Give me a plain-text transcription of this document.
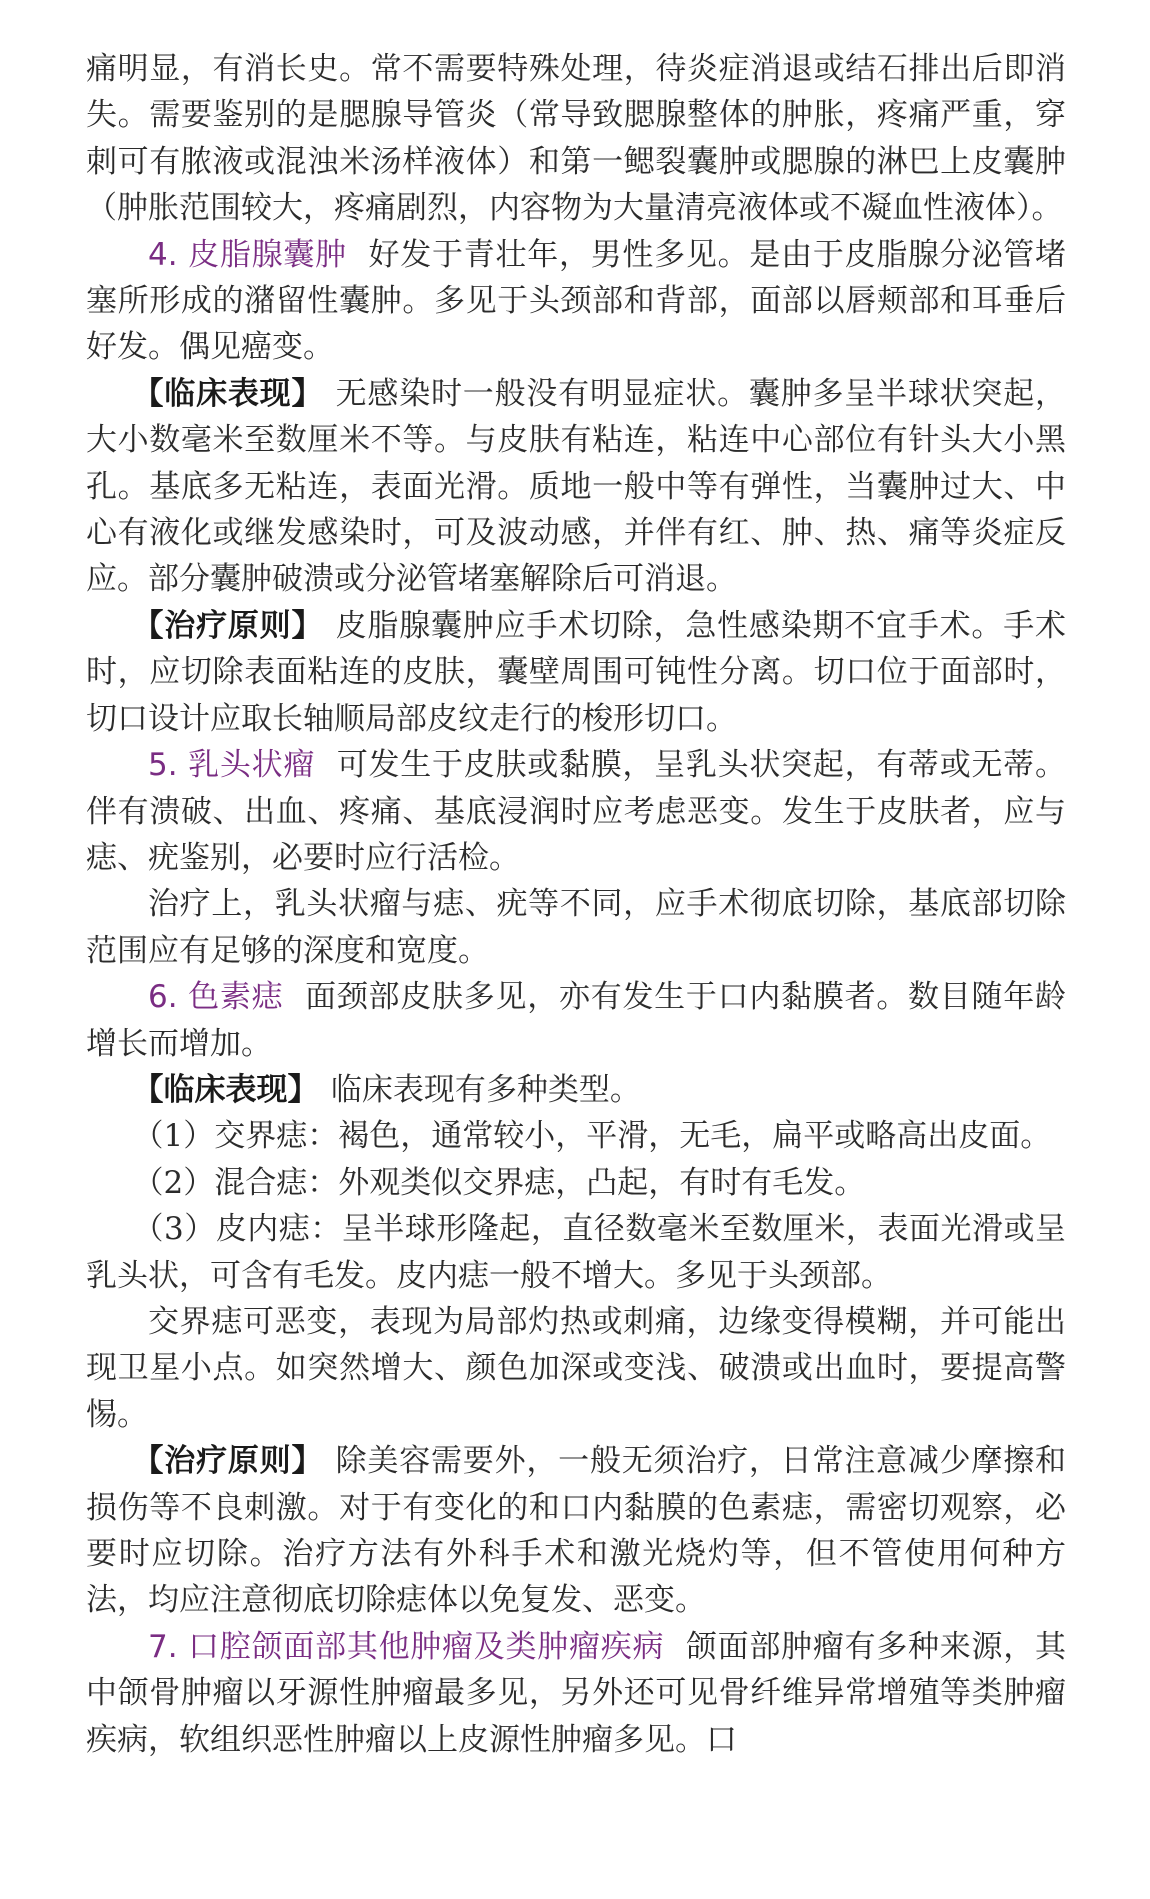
痛明显，有消长史。常不需要特殊处理，待炎症消退或结石排出后即消失。需要鉴别的是腮腺导管炎（常导致腮腺整体的肿胀，疼痛严重，穿刺可有脓液或混浊米汤样液体）和第一鳃裂囊肿或腮腺的淋巴上皮囊肿（肿胀范围较大，疼痛剧烈，内容物为大量清亮液体或不凝血性液体）。

4. 皮脂腺囊肿 好发于青壮年，男性多见。是由于皮脂腺分泌管堵塞所形成的潴留性囊肿。多见于头颈部和背部，面部以唇颊部和耳垂后好发。偶见癌变。

【临床表现】 无感染时一般没有明显症状。囊肿多呈半球状突起，大小数毫米至数厘米不等。与皮肤有粘连，粘连中心部位有针头大小黑孔。基底多无粘连，表面光滑。质地一般中等有弹性，当囊肿过大、中心有液化或继发感染时，可及波动感，并伴有红、肿、热、痛等炎症反应。部分囊肿破溃或分泌管堵塞解除后可消退。

【治疗原则】 皮脂腺囊肿应手术切除，急性感染期不宜手术。手术时，应切除表面粘连的皮肤，囊壁周围可钝性分离。切口位于面部时，切口设计应取长轴顺局部皮纹走行的梭形切口。

5. 乳头状瘤 可发生于皮肤或黏膜，呈乳头状突起，有蒂或无蒂。伴有溃破、出血、疼痛、基底浸润时应考虑恶变。发生于皮肤者，应与痣、疣鉴别，必要时应行活检。

治疗上，乳头状瘤与痣、疣等不同，应手术彻底切除，基底部切除范围应有足够的深度和宽度。

6. 色素痣 面颈部皮肤多见，亦有发生于口内黏膜者。数目随年龄增长而增加。

【临床表现】 临床表现有多种类型。

（1）交界痣：褐色，通常较小，平滑，无毛，扁平或略高出皮面。

（2）混合痣：外观类似交界痣，凸起，有时有毛发。

（3）皮内痣：呈半球形隆起，直径数毫米至数厘米，表面光滑或呈乳头状，可含有毛发。皮内痣一般不增大。多见于头颈部。

交界痣可恶变，表现为局部灼热或刺痛，边缘变得模糊，并可能出现卫星小点。如突然增大、颜色加深或变浅、破溃或出血时，要提高警惕。

【治疗原则】 除美容需要外，一般无须治疗，日常注意减少摩擦和损伤等不良刺激。对于有变化的和口内黏膜的色素痣，需密切观察，必要时应切除。治疗方法有外科手术和激光烧灼等，但不管使用何种方法，均应注意彻底切除痣体以免复发、恶变。

7. 口腔颌面部其他肿瘤及类肿瘤疾病 颌面部肿瘤有多种来源，其中颌骨肿瘤以牙源性肿瘤最多见，另外还可见骨纤维异常增殖等类肿瘤疾病，软组织恶性肿瘤以上皮源性肿瘤多见。口
